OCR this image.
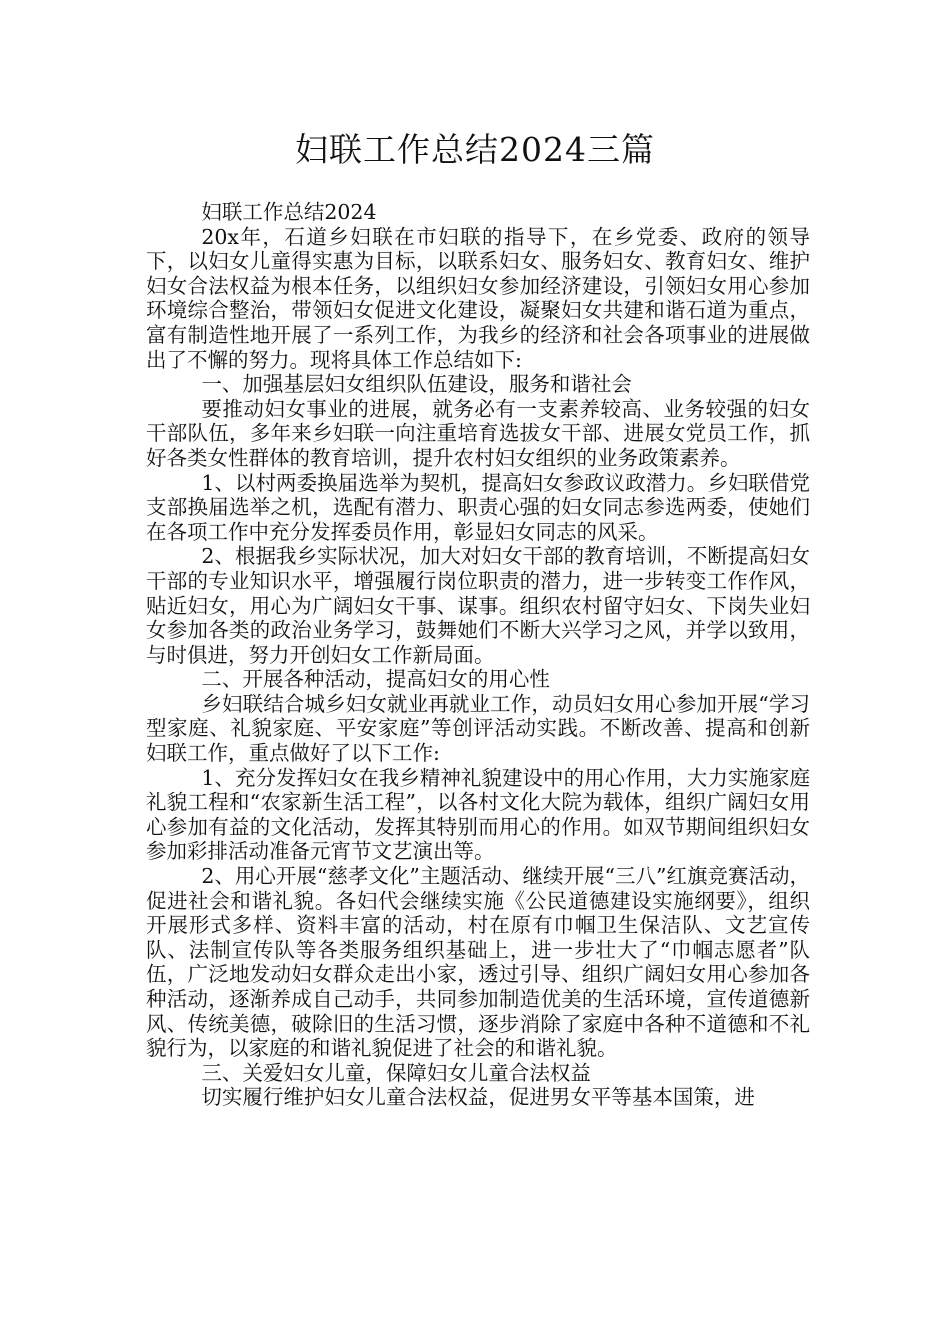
妇联工作总结2024三篇

妇联工作总结2024

20x年，石道乡妇联在市妇联的指导下，在乡党委、政府的领导下，以妇女儿童得实惠为目标，以联系妇女、服务妇女、教育妇女、维护妇女合法权益为根本任务，以组织妇女参加经济建设，引领妇女用心参加环境综合整治，带领妇女促进文化建设，凝聚妇女共建和谐石道为重点，富有制造性地开展了一系列工作，为我乡的经济和社会各项事业的进展做出了不懈的努力。现将具体工作总结如下:

一、加强基层妇女组织队伍建设，服务和谐社会

要推动妇女事业的进展，就务必有一支素养较高、业务较强的妇女干部队伍，多年来乡妇联一向注重培育选拔女干部、进展女党员工作，抓好各类女性群体的教育培训，提升农村妇女组织的业务政策素养。

1、以村两委换届选举为契机，提高妇女参政议政潜力。乡妇联借党支部换届选举之机，选配有潜力、职责心强的妇女同志参选两委，使她们在各项工作中充分发挥委员作用，彰显妇女同志的风采。

2、根据我乡实际状况，加大对妇女干部的教育培训，不断提高妇女干部的专业知识水平，增强履行岗位职责的潜力，进一步转变工作作风，贴近妇女，用心为广阔妇女干事、谋事。组织农村留守妇女、下岗失业妇女参加各类的政治业务学习，鼓舞她们不断大兴学习之风，并学以致用，与时俱进，努力开创妇女工作新局面。

二、开展各种活动，提高妇女的用心性

乡妇联结合城乡妇女就业再就业工作，动员妇女用心参加开展“学习型家庭、礼貌家庭、平安家庭”等创评活动实践。不断改善、提高和创新妇联工作，重点做好了以下工作:

1、充分发挥妇女在我乡精神礼貌建设中的用心作用，大力实施家庭礼貌工程和“农家新生活工程”，以各村文化大院为载体，组织广阔妇女用心参加有益的文化活动，发挥其特别而用心的作用。如双节期间组织妇女参加彩排活动准备元宵节文艺演出等。

2、用心开展“慈孝文化”主题活动、继续开展“三八”红旗竞赛活动，促进社会和谐礼貌。各妇代会继续实施《公民道德建设实施纲要》，组织开展形式多样、资料丰富的活动，村在原有巾帼卫生保洁队、文艺宣传队、法制宣传队等各类服务组织基础上，进一步壮大了“巾帼志愿者”队伍，广泛地发动妇女群众走出小家，透过引导、组织广阔妇女用心参加各种活动，逐渐养成自己动手，共同参加制造优美的生活环境，宣传道德新风、传统美德，破除旧的生活习惯，逐步消除了家庭中各种不道德和不礼貌行为，以家庭的和谐礼貌促进了社会的和谐礼貌。

三、关爱妇女儿童，保障妇女儿童合法权益

切实履行维护妇女儿童合法权益，促进男女平等基本国策，进
